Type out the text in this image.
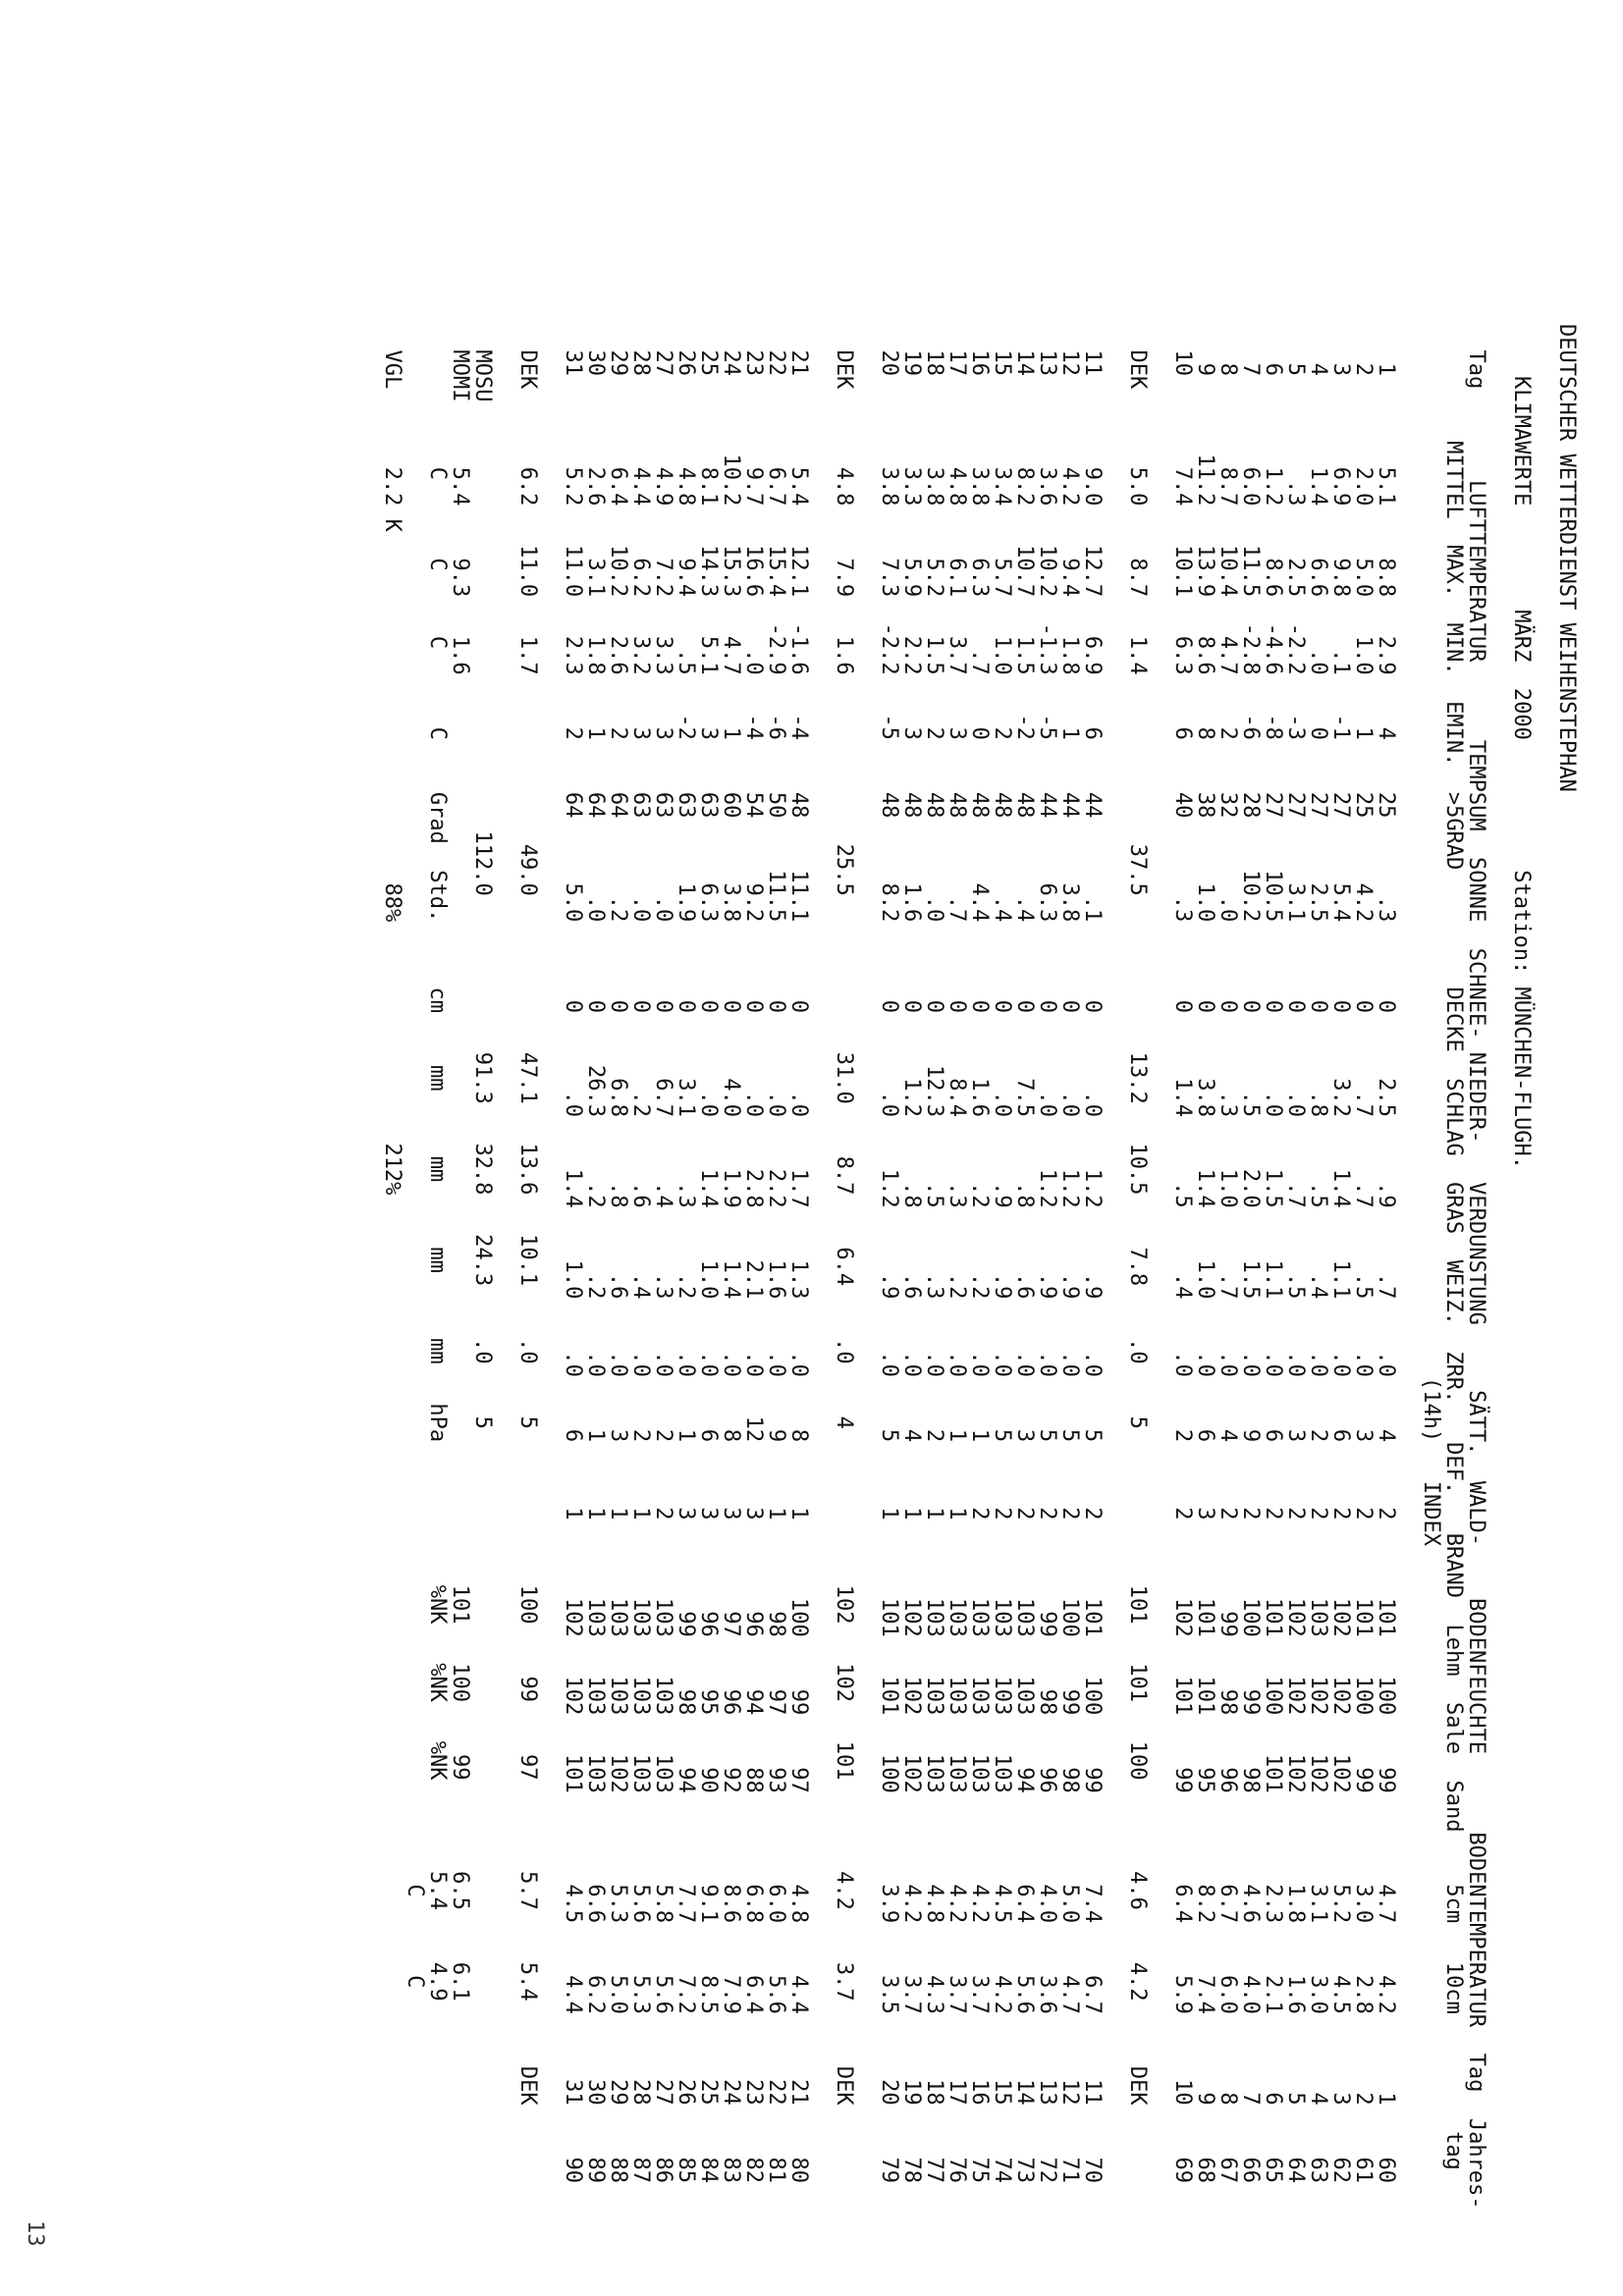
DEUTSCHER WETTERDIENST WEIHENSTEPHAN
KLIMAWERTE        MÄRZ  2000          Station: MÜNCHEN-FLUGH.
Tag       LUFTTEMPERATUR      TEMPSUM  SONNE  SCHNEE- NIEDER-   VERDUNSTUNG     SÄTT.  WALD-    BODENFEUCHTE      BODENTEMPERATUR  Tag  Jahres-
MITTEL  MAX.  MIN.  EMIN.  >5GRAD         DECKE  SCHLAG  GRAS  WEIZ.  ZRR.   DEF.   BRAND  Lehm  Sale  Sand    5cm   10cm         tag
(14h)   INDEX
1       5.1    8.8   2.9    4    25      .3      0     2.5     .9     .7    .0    4     2      101   100    99       4.7    4.2      1    60
2       2.0    5.0   1.0    1    25     4.2      0      .7     .7     .5    .0    3     2      101   100    99       3.0    2.8      2    61
3       6.9    9.8    .1   -1    27     5.4      0     3.2    1.4    1.1    .0    6     2      102   102   102       5.2    4.5      3    62
4       1.4    6.6    .0    0    27     2.5      0      .8     .5     .4    .0    2     2      103   102   102       3.1    3.0      4    63
5        .3    2.5  -2.2   -3    27     3.1      0      .0     .7     .5    .0    3     2      102   102   102       1.8    1.6      5    64
6       1.2    8.6  -4.6   -8    27    10.5      0      .0    1.5    1.1    .0    6     2      101   100   101       2.3    2.1      6    65
7       6.0   11.5  -2.8   -6    28    10.2      0      .5    2.0    1.5    .0    9     2      100    99    98       4.6    4.0      7    66
8       8.7   10.4   4.7    2    32      .0      0      .3    1.0     .7    .0    4     2       99    98    96       6.7    6.0      8    67
9      11.2   13.9   8.6    8    38     1.0      0     3.8    1.4    1.0    .0    6     3      101   101    95       8.2    7.4      9    68
10       7.4   10.1   6.3    6    40      .3      0     1.4     .5     .4    .0    2     2      102   101    99       6.4    5.9     10    69
DEK      5.0    8.7   1.4             37.5            13.2   10.5    7.8    .0    5            101   101   100       4.6    4.2     DEK
11       9.0   12.7   6.9    6    44      .1      0      .0    1.2     .9    .0    5     2      101   100    99       7.4    6.7     11    70
12       4.2    9.4   1.8    1    44     3.8      0      .0    1.2     .9    .0    5     2      100    99    98       5.0    4.7     12    71
13       3.6   10.2  -1.3   -5    44     6.3      0      .0    1.2     .9    .0    5     2       99    98    96       4.0    3.6     13    72
14       8.2   10.7   1.5   -2    48      .4      0     7.5     .8     .6    .0    3     2      103   103    94       6.4    5.6     14    73
15       3.4    5.7   1.0    2    48      .4      0      .0     .9     .9    .0    5     2      103   103   103       4.5    4.2     15    74
16       3.8    6.3    .7    0    48     4.4      0     1.6     .2     .2    .0    1     2      103   103   103       4.2    3.7     16    75
17       4.8    6.1   3.7    3    48      .7      0     8.4     .3     .2    .0    1     1      103   103   103       4.2    3.7     17    76
18       3.8    5.2   1.5    2    48      .0      0    12.3     .5     .3    .0    2     1      103   103   103       4.8    4.3     18    77
19       3.3    5.9   2.2    3    48     1.6      0     1.2     .8     .6    .0    4     1      102   102   102       4.2    3.7     19    78
20       3.8    7.3  -2.2   -5    48     8.2      0      .0    1.2     .9    .0    5     1      101   101   100       3.9    3.5     20    79
DEK      4.8    7.9   1.6             25.5            31.0    8.7    6.4    .0    4            102   102   101       4.2    3.7     DEK
21       5.4   12.1  -1.6   -4    48    11.1      0      .0    1.7    1.3    .0    8     1      100    99    97       4.8    4.4     21    80
22       6.7   15.4  -2.9   -6    50    11.5      0      .0    2.2    1.6    .0    9     1       98    97    93       6.0    5.6     22    81
23       9.7   16.6    .0   -4    54     9.2      0      .0    2.8    2.1    .0   12     3       96    94    88       6.8    6.4     23    82
24      10.2   15.3   4.7    1    60     3.8      0     4.0    1.9    1.4    .0    8     3       97    96    92       8.6    7.9     24    83
25       8.1   14.3   5.1    3    63     6.3      0      .0    1.4    1.0    .0    6     3       96    95    90       9.1    8.5     25    84
26       4.8    9.4    .5   -2    63     1.9      0     3.1     .3     .2    .0    1     3       99    98    94       7.7    7.2     26    85
27       4.9    7.2   3.3    3    63      .0      0     6.7     .4     .3    .0    2     2      103   103   103       5.8    5.6     27    86
28       4.4    6.2   3.2    3    63      .0      0      .2     .6     .4    .0    2     1      103   103   103       5.6    5.3     28    87
29       6.4   10.2   2.6    2    64      .2      0     6.8     .8     .6    .0    3     1      103   103   102       5.3    5.0     29    88
30       2.6    3.1   1.8    1    64      .0      0    26.3     .2     .2    .0    1     1      103   103   103       6.6    6.2     30    89
31       5.2   11.0   2.3    2    64     5.0      0      .0    1.4    1.0    .0    6     1      102   102   101       4.5    4.4     31    90
DEK      6.2   11.0   1.7             49.0            47.1   13.6   10.1    .0    5            100    99    97       5.7    5.4     DEK
MOSU                                 112.0            91.3   32.8   24.3    .0    5
MOMI     5.4    9.3   1.6                                                                      101   100    99       6.5    6.1
C      C     C      C    Grad  Std.     cm    mm     mm     mm     mm   hPa           %NK   %NK   %NK       5.4    4.9
C      C
VGL      2.2 K                           88%                 212%
13
